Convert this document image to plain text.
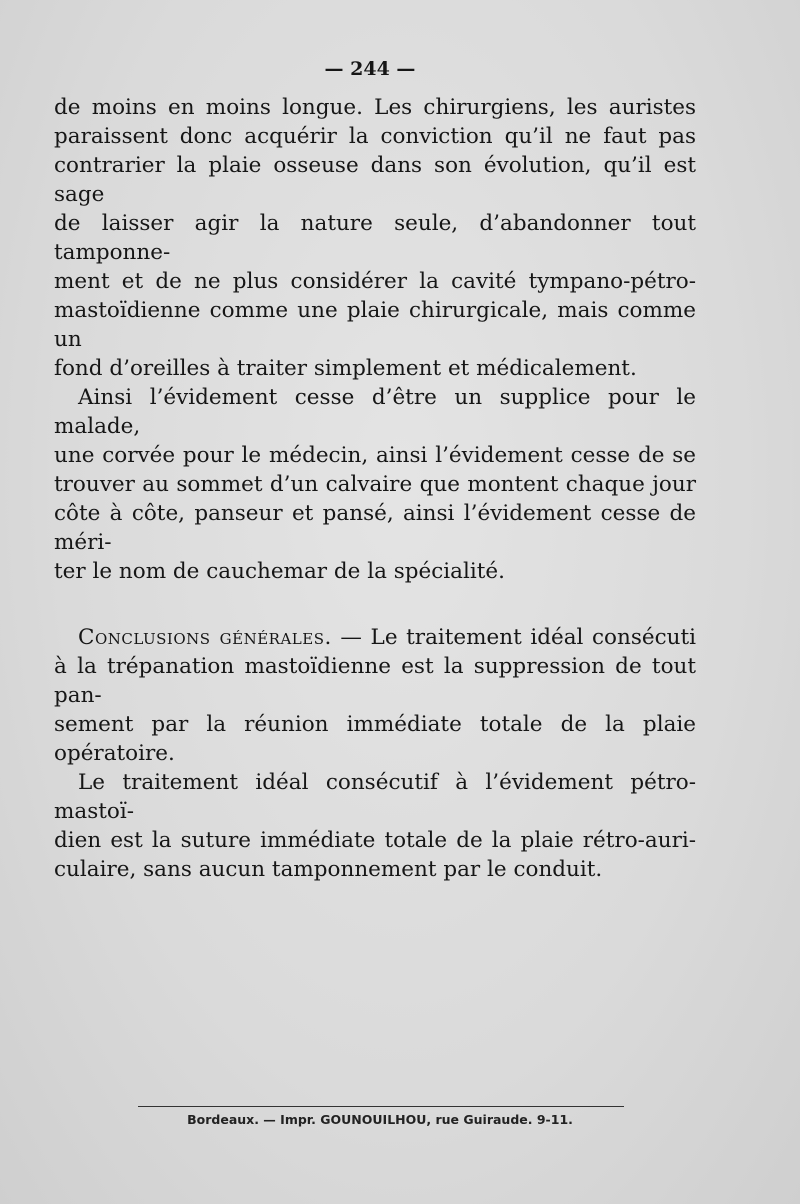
— 244 —

de moins en moins longue. Les chirurgiens, les auristes
paraissent donc acquérir la conviction qu’il ne faut pas
contrarier la plaie osseuse dans son évolution, qu’il est sage
de laisser agir la nature seule, d’abandonner tout tamponne-
ment et de ne plus considérer la cavité tympano-pétro-
mastoïdienne comme une plaie chirurgicale, mais comme un
fond d’oreilles à traiter simplement et médicalement.

Ainsi l’évidement cesse d’être un supplice pour le malade,
une corvée pour le médecin, ainsi l’évidement cesse de se
trouver au sommet d’un calvaire que montent chaque jour
côte à côte, panseur et pansé, ainsi l’évidement cesse de méri-
ter le nom de cauchemar de la spécialité.

Conclusions générales. — Le traitement idéal consécuti
à la trépanation mastoïdienne est la suppression de tout pan-
sement par la réunion immédiate totale de la plaie opératoire.

Le traitement idéal consécutif à l’évidement pétro-mastoï-
dien est la suture immédiate totale de la plaie rétro-auri-
culaire, sans aucun tamponnement par le conduit.

Bordeaux. — Impr. GOUNOUILHOU, rue Guiraude. 9-11.
